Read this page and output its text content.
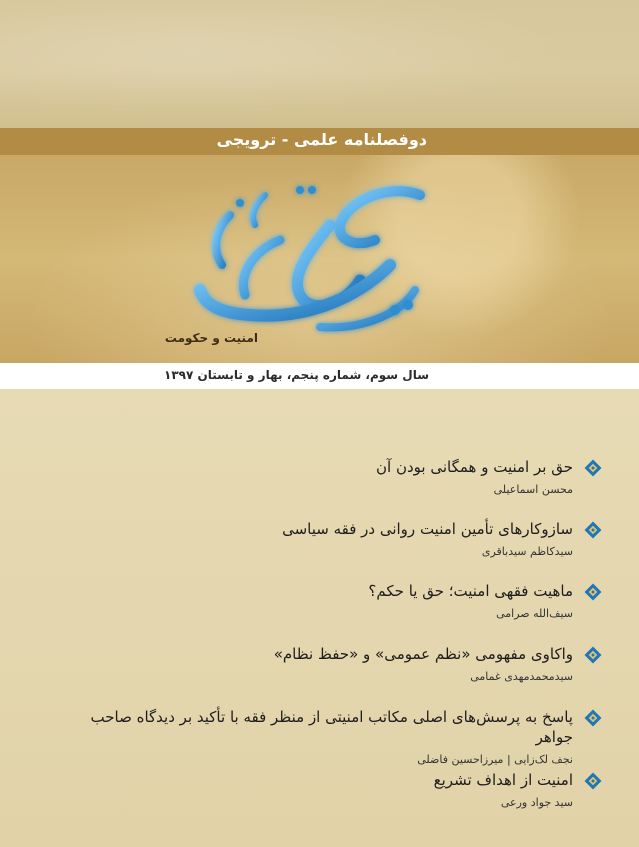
دوفصلنامه علمی - ترویجی
امنیت و حکومت
سال سوم، شماره پنجم، بهار و تابستان ۱۳۹۷
حق بر امنیت و همگانی بودن آن
محسن اسماعیلی
سازوکارهای تأمین امنیت روانی در فقه سیاسی
سیدکاظم سیدباقری
ماهیت فقهی امنیت؛ حق یا حکم؟
سیف‌الله صرامی
واکاوی مفهومی «نظم عمومی» و «حفظ نظام»
سیدمحمدمهدی غمامی
پاسخ به پرسش‌های اصلی مکاتب امنیتی از منظر فقه با تأکید بر دیدگاه صاحب جواهر
نجف لک‌زایی | میرزاحسین فاضلی
امنیت از اهداف تشریع
سید جواد ورعی
